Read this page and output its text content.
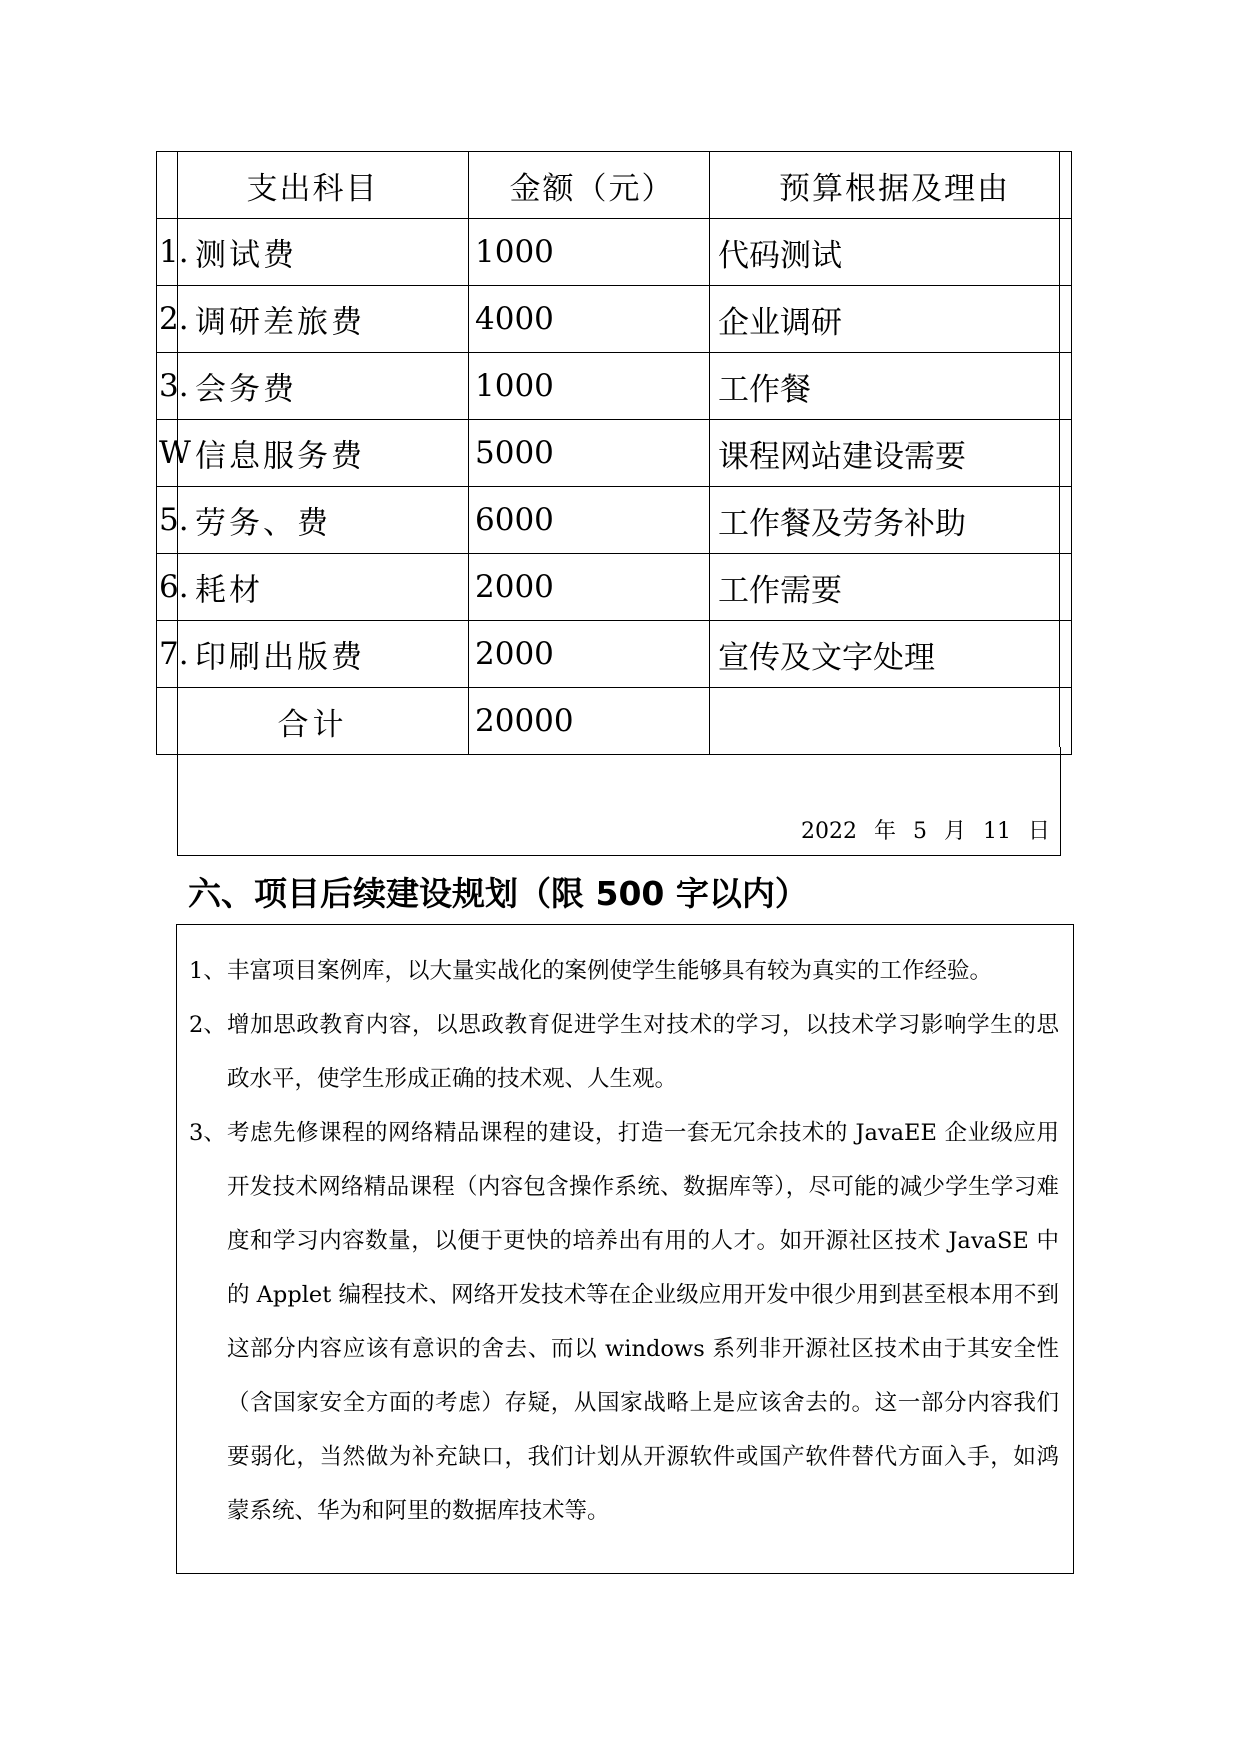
支出科目	金额（元）	预算根据及理由

1. 测试费	1000	代码测试

2. 调研差旅费	4000	企业调研

3. 会务费	1000	工作餐

W 信息服务费	5000	课程网站建设需要

5. 劳务、费	6000	工作餐及劳务补助

6. 耗材	2000	工作需要

7. 印刷出版费	2000	宣传及文字处理
合计	20000	
2022 年 5 月 11 日
六、项目后续建设规划（限 500 字以内）
1、 丰富项目案例库，以大量实战化的案例使学生能够具有较为真实的工作经验。
2、 增加思政教育内容，以思政教育促进学生对技术的学习，以技术学习影响学生的思政水平，使学生形成正确的技术观、人生观。
3、 考虑先修课程的网络精品课程的建设，打造一套无冗余技术的 JavaEE 企业级应用开发技术网络精品课程（内容包含操作系统、数据库等），尽可能的减少学生学习难度和学习内容数量，以便于更快的培养出有用的人才。如开源社区技术 JavaSE 中的 Applet 编程技术、网络开发技术等在企业级应用开发中很少用到甚至根本用不到这部分内容应该有意识的舍去、而以 windows 系列非开源社区技术由于其安全性（含国家安全方面的考虑）存疑，从国家战略上是应该舍去的。这一部分内容我们要弱化，当然做为补充缺口，我们计划从开源软件或国产软件替代方面入手，如鸿蒙系统、华为和阿里的数据库技术等。
